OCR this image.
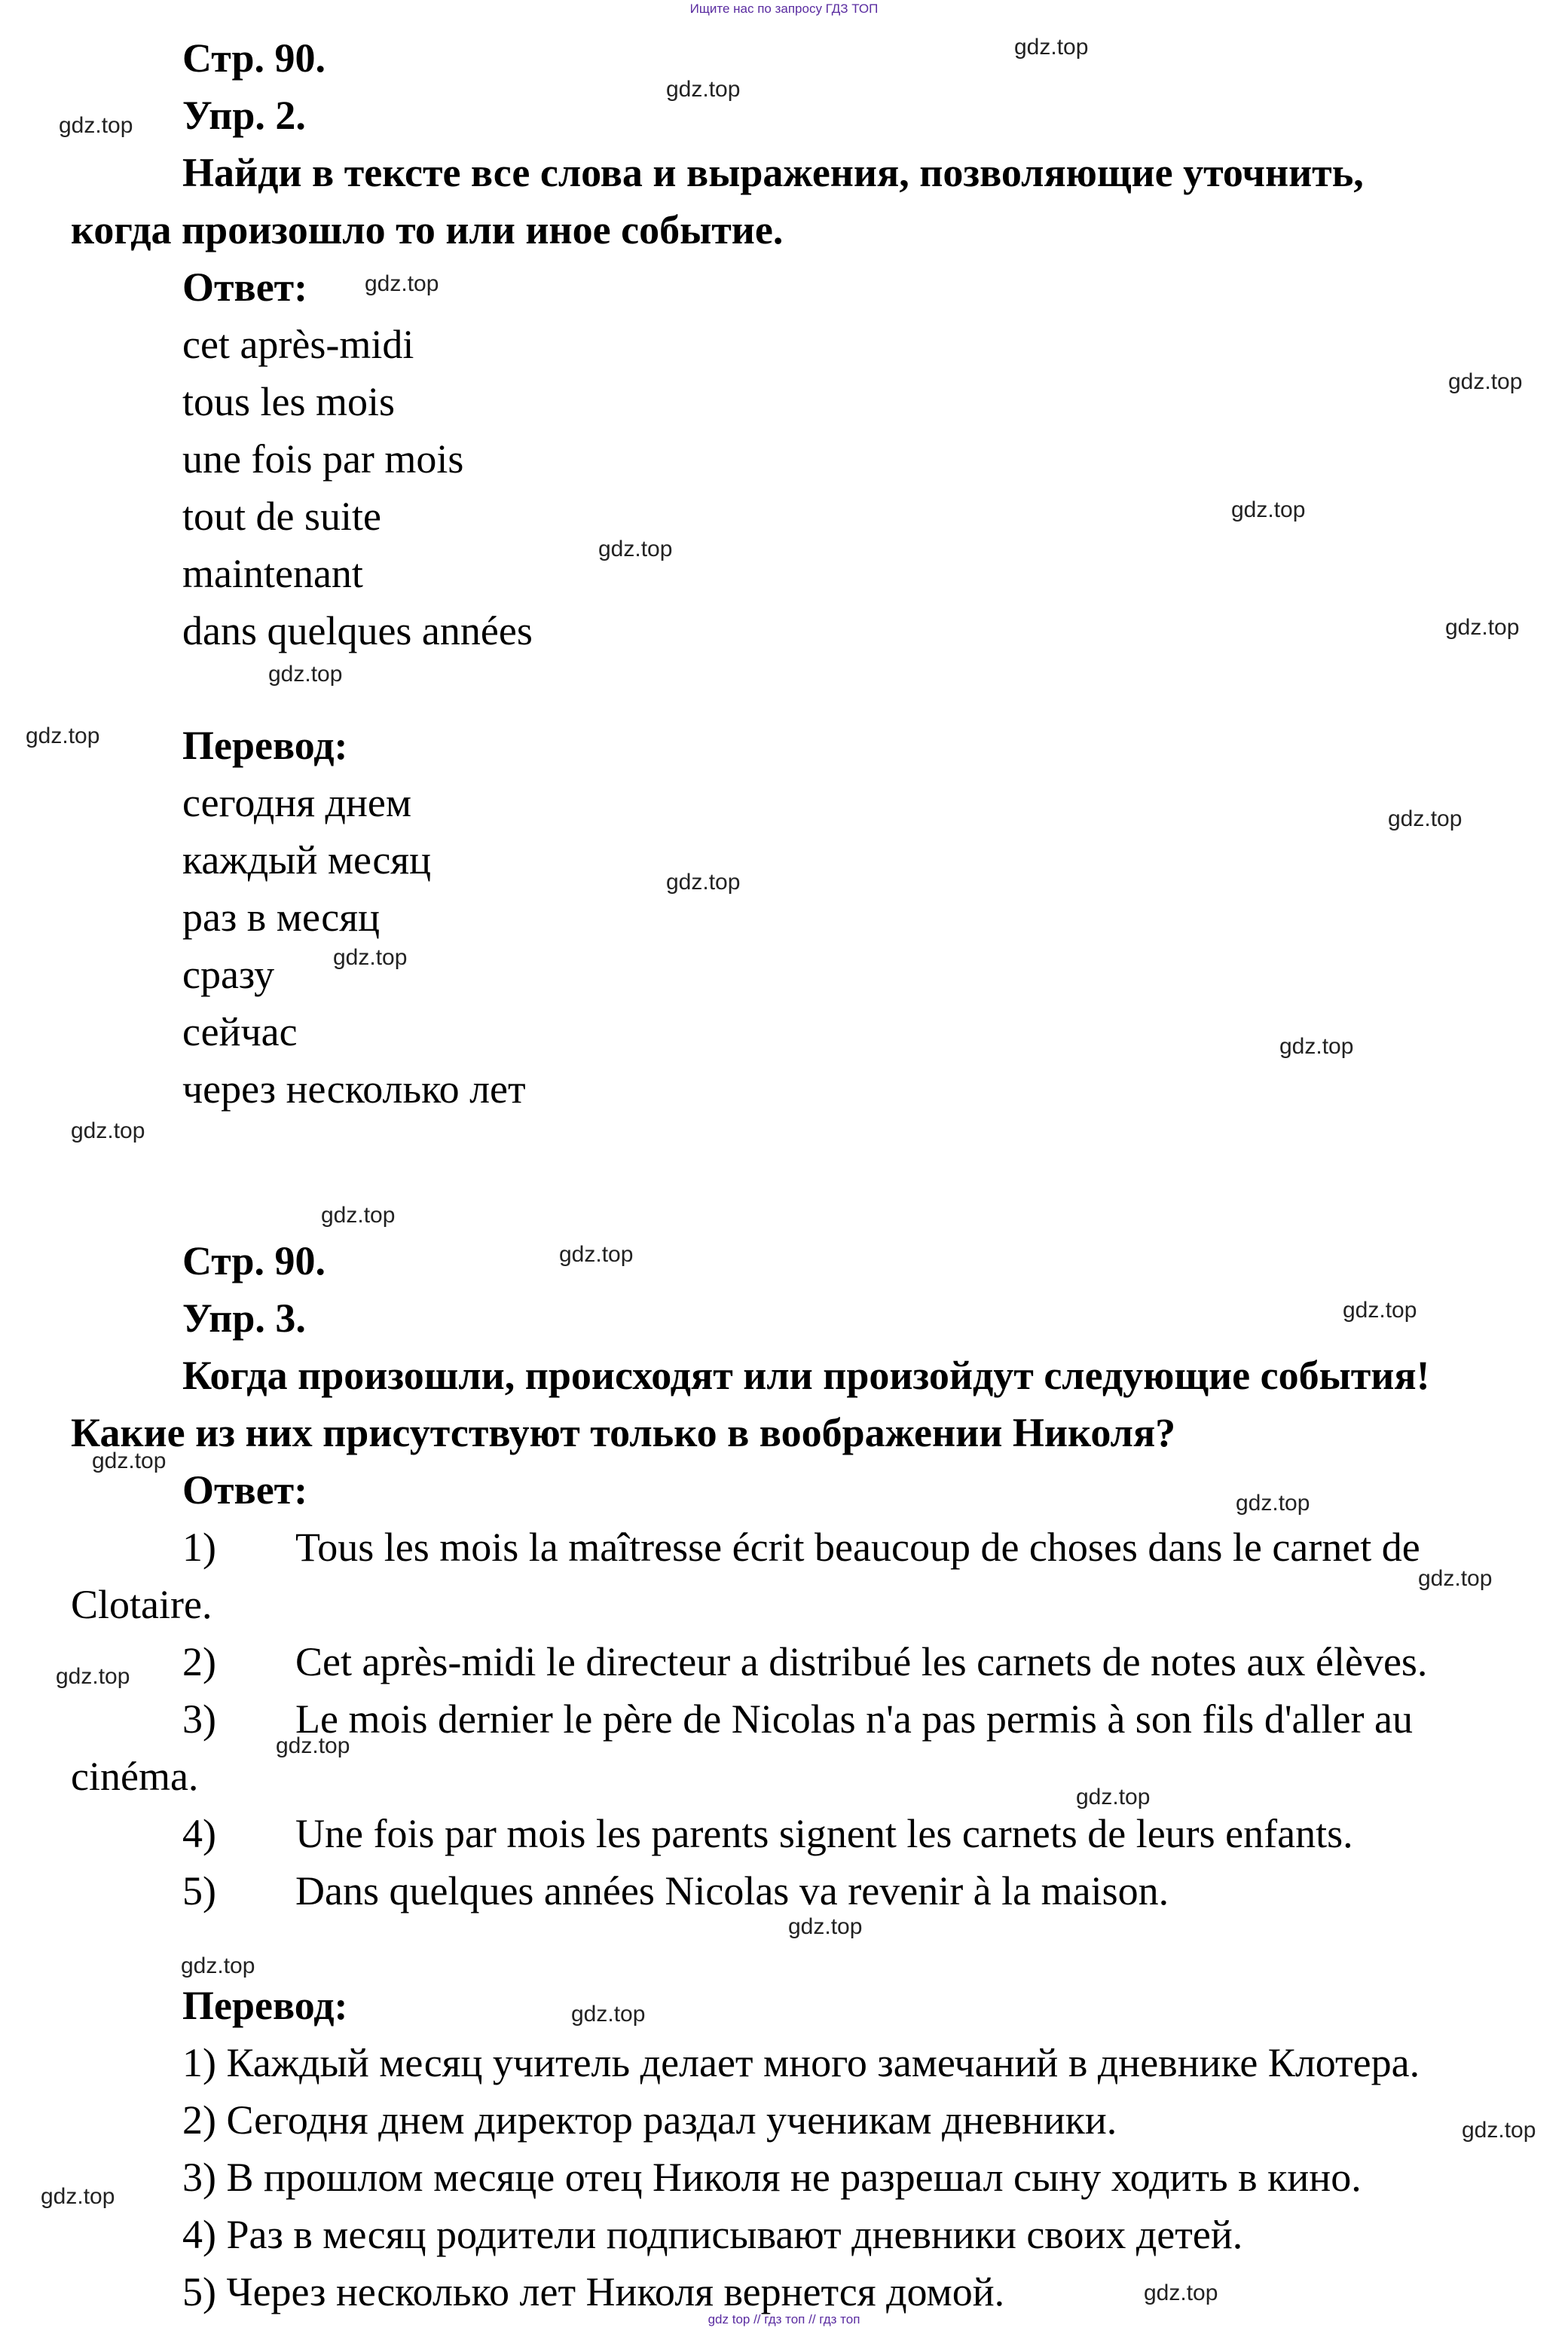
Ищите нас по запросу ГДЗ ТОП
Стр. 90.
Упр. 2.
Найди в тексте все слова и выражения, позволяющие уточнить,
когда произошло то или иное событие.
Ответ:
cet après-midi
tous les mois
une fois par mois
tout de suite
maintenant
dans quelques années
Перевод:
сегодня днем
каждый месяц
раз в месяц
сразу
сейчас
через несколько лет
Стр. 90.
Упр. 3.
Когда произошли, происходят или произойдут следующие события!
Какие из них присутствуют только в воображении Николя?
Ответ:
1) Tous les mois la maîtresse écrit beaucoup de choses dans le carnet de
Clotaire.
2) Cet après-midi le directeur a distribué les carnets de notes aux élèves.
3) Le mois dernier le père de Nicolas n'a pas permis à son fils d'aller au
cinéma.
4) Une fois par mois les parents signent les carnets de leurs enfants.
5) Dans quelques années Nicolas va revenir à la maison.
Перевод:
1) Каждый месяц учитель делает много замечаний в дневнике Клотера.
2) Сегодня днем директор раздал ученикам дневники.
3) В прошлом месяце отец Николя не разрешал сыну ходить в кино.
4) Раз в месяц родители подписывают дневники своих детей.
5) Через несколько лет Николя вернется домой.
gdz.top
gdz.top
gdz.top
gdz.top
gdz.top
gdz.top
gdz.top
gdz.top
gdz.top
gdz.top
gdz.top
gdz.top
gdz.top
gdz.top
gdz.top
gdz.top
gdz.top
gdz.top
gdz.top
gdz.top
gdz.top
gdz.top
gdz.top
gdz.top
gdz.top
gdz.top
gdz.top
gdz.top
gdz.top
gdz.top
gdz top // гдз топ // гдз топ
